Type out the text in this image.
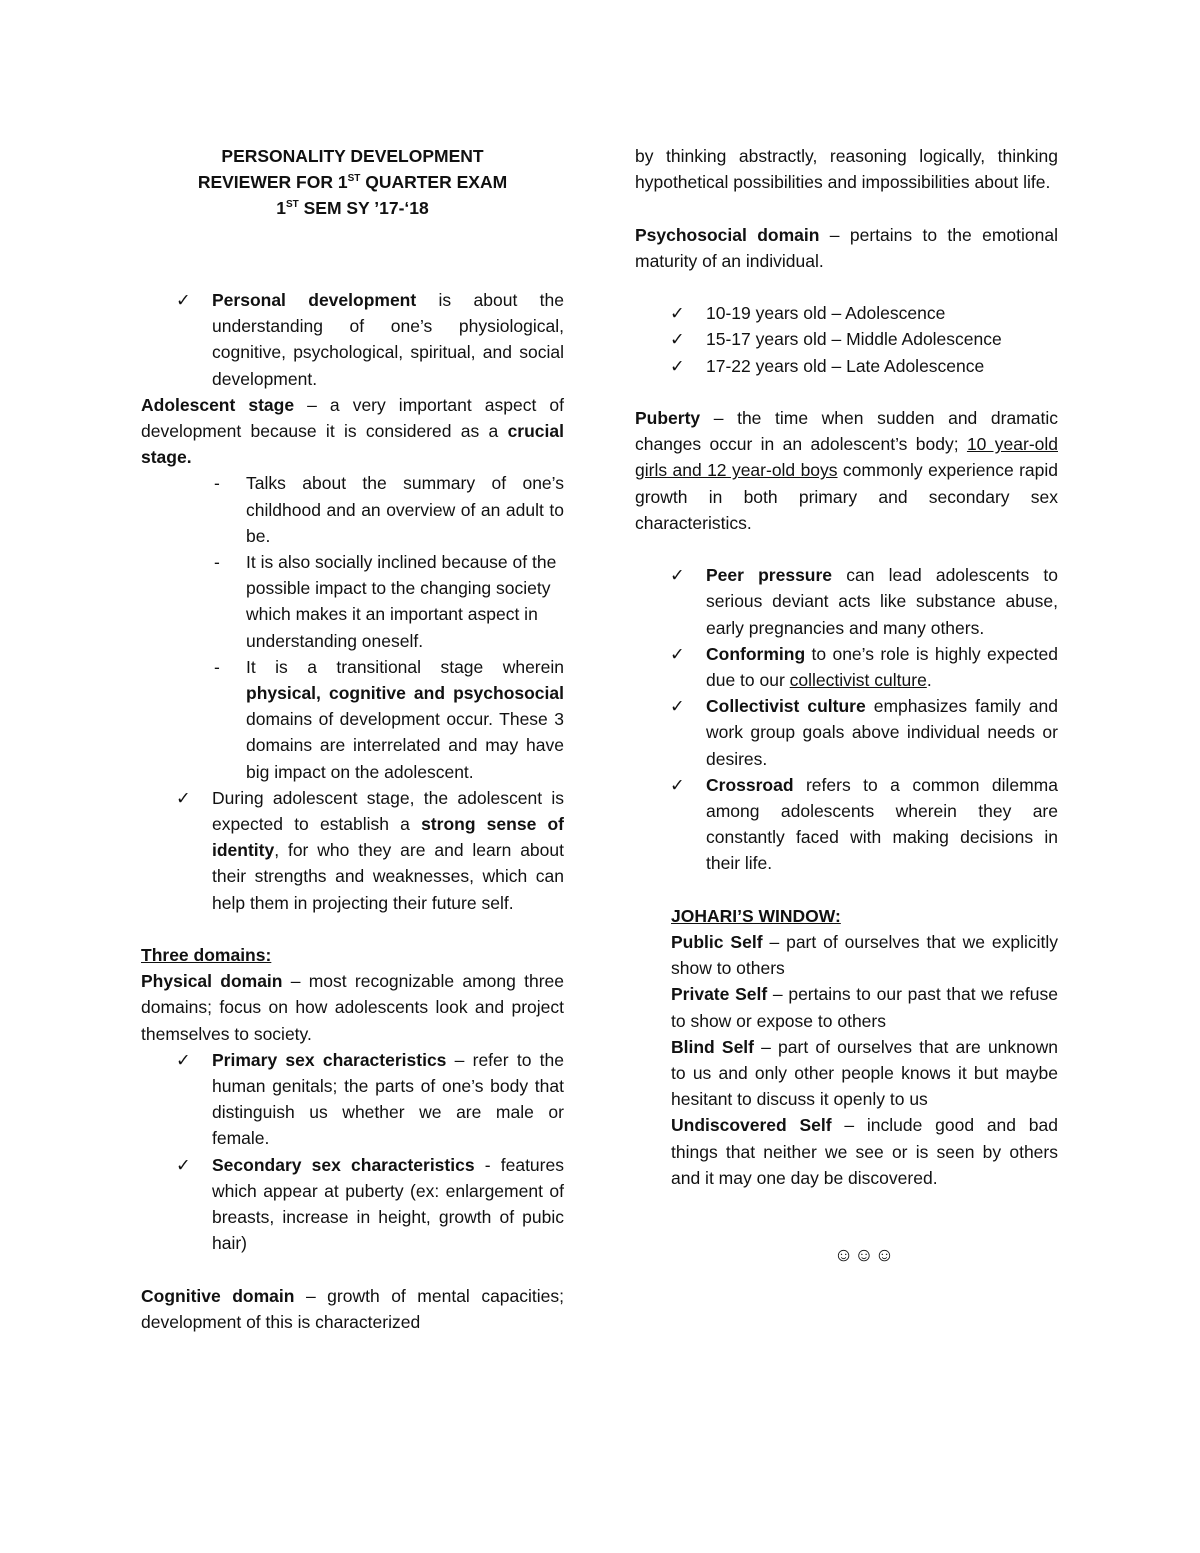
PERSONALITY DEVELOPMENT
REVIEWER FOR 1ST QUARTER EXAM
1ST SEM SY ’17-‘18

✓	Personal development is about the understanding of one’s physiological, cognitive, psychological, spiritual, and social development.

Adolescent stage – a very important aspect of development because it is considered as a crucial stage.

- Talks about the summary of one’s childhood and an overview of an adult to be.

- It is also socially inclined because of the possible impact to the changing society which makes it an important aspect in understanding oneself.

- It is a transitional stage wherein physical, cognitive and psychosocial domains of development occur. These 3 domains are interrelated and may have big impact on the adolescent.

✓	During adolescent stage, the adolescent is expected to establish a strong sense of identity, for who they are and learn about their strengths and weaknesses, which can help them in projecting their future self.

Three domains:

Physical domain – most recognizable among three domains; focus on how adolescents look and project themselves to society.

✓	Primary sex characteristics – refer to the human genitals; the parts of one’s body that distinguish us whether we are male or female.

✓	Secondary sex characteristics - features which appear at puberty (ex: enlargement of breasts, increase in height, growth of pubic hair)

Cognitive domain – growth of mental capacities; development of this is characterized

by thinking abstractly, reasoning logically, thinking hypothetical possibilities and impossibilities about life.

Psychosocial domain – pertains to the emotional maturity of an individual.

✓	10-19 years old – Adolescence

✓	15-17 years old – Middle Adolescence

✓	17-22 years old – Late Adolescence

Puberty – the time when sudden and dramatic changes occur in an adolescent’s body; 10 year-old girls and 12 year-old boys commonly experience rapid growth in both primary and secondary sex characteristics.

✓	Peer pressure can lead adolescents to serious deviant acts like substance abuse, early pregnancies and many others.

✓	Conforming to one’s role is highly expected due to our collectivist culture.

✓	Collectivist culture emphasizes family and work group goals above individual needs or desires.

✓	Crossroad refers to a common dilemma among adolescents wherein they are constantly faced with making decisions in their life.

JOHARI’S WINDOW:

Public Self – part of ourselves that we explicitly show to others

Private Self – pertains to our past that we refuse to show or expose to others

Blind Self – part of ourselves that are unknown to us and only other people knows it but maybe hesitant to discuss it openly to us

Undiscovered Self – include good and bad things that neither we see or is seen by others and it may one day be discovered.

☺☺☺
